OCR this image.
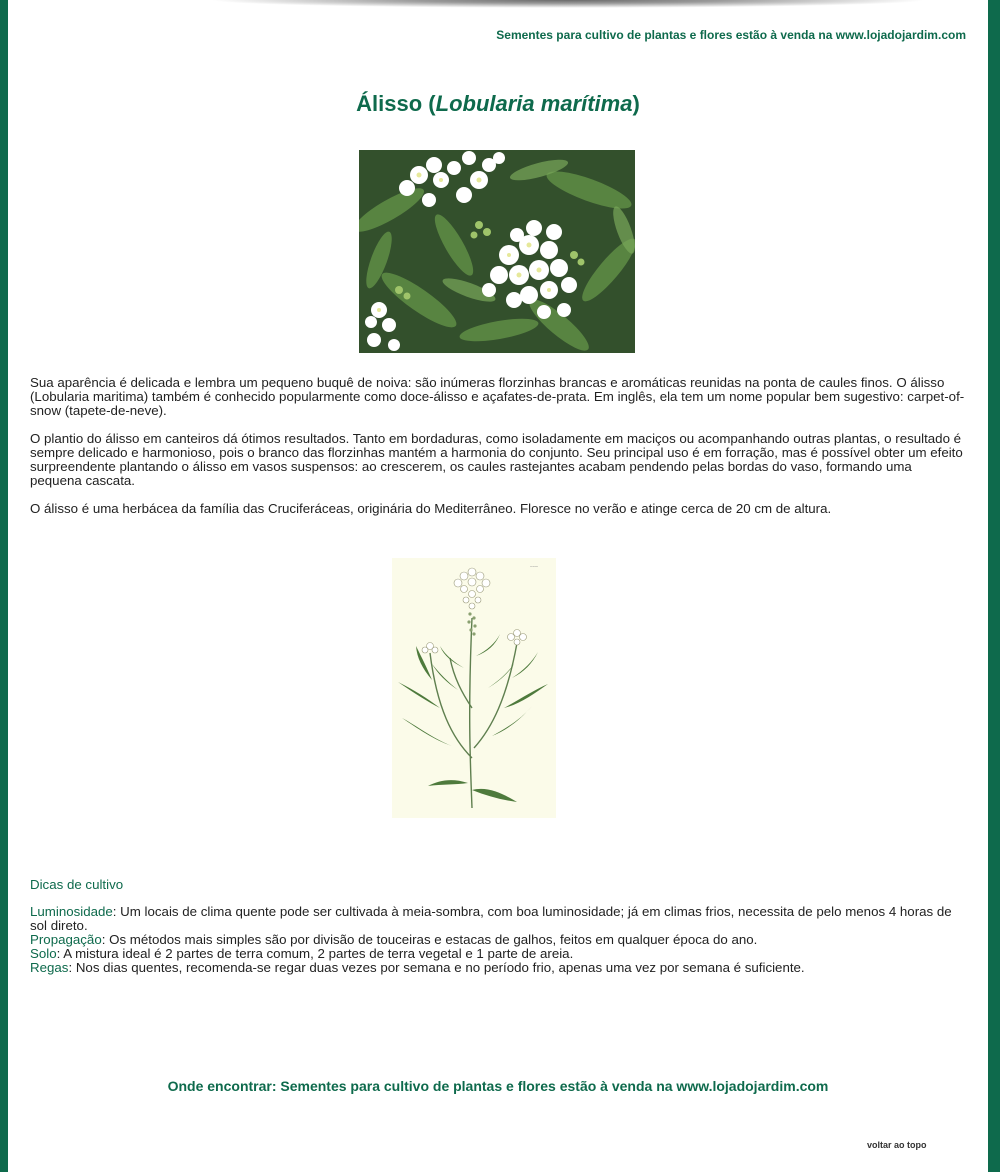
Sementes para cultivo de plantas e flores estão à venda na www.lojadojardim.com
Álisso (Lobularia marítima)

Sua aparência é delicada e lembra um pequeno buquê de noiva: são inúmeras florzinhas brancas e aromáticas reunidas na ponta de caules finos. O álisso (Lobularia maritima) também é conhecido popularmente como doce-álisso e açafates-de-prata. Em inglês, ela tem um nome popular bem sugestivo: carpet-of-snow (tapete-de-neve).

O plantio do álisso em canteiros dá ótimos resultados. Tanto em bordaduras, como isoladamente em maciços ou acompanhando outras plantas, o resultado é sempre delicado e harmonioso, pois o branco das florzinhas mantém a harmonia do conjunto. Seu principal uso é em forração, mas é possível obter um efeito surpreendente plantando o álisso em vasos suspensos: ao crescerem, os caules rastejantes acabam pendendo pelas bordas do vaso, formando uma pequena cascata.

O álisso é uma herbácea da família das Cruciferáceas, originária do Mediterrâneo. Floresce no verão e atinge cerca de 20 cm de altura.

~~~
Dicas de cultivo
Luminosidade: Um locais de clima quente pode ser cultivada à meia-sombra, com boa luminosidade; já em climas frios, necessita de pelo menos 4 horas de sol direto.
Propagação: Os métodos mais simples são por divisão de touceiras e estacas de galhos, feitos em qualquer época do ano.
Solo: A mistura ideal é 2 partes de terra comum, 2 partes de terra vegetal e 1 parte de areia.
Regas: Nos dias quentes, recomenda-se regar duas vezes por semana e no período frio, apenas uma vez por semana é suficiente.
Onde encontrar: Sementes para cultivo de plantas e flores estão à venda na www.lojadojardim.com
voltar ao topo
